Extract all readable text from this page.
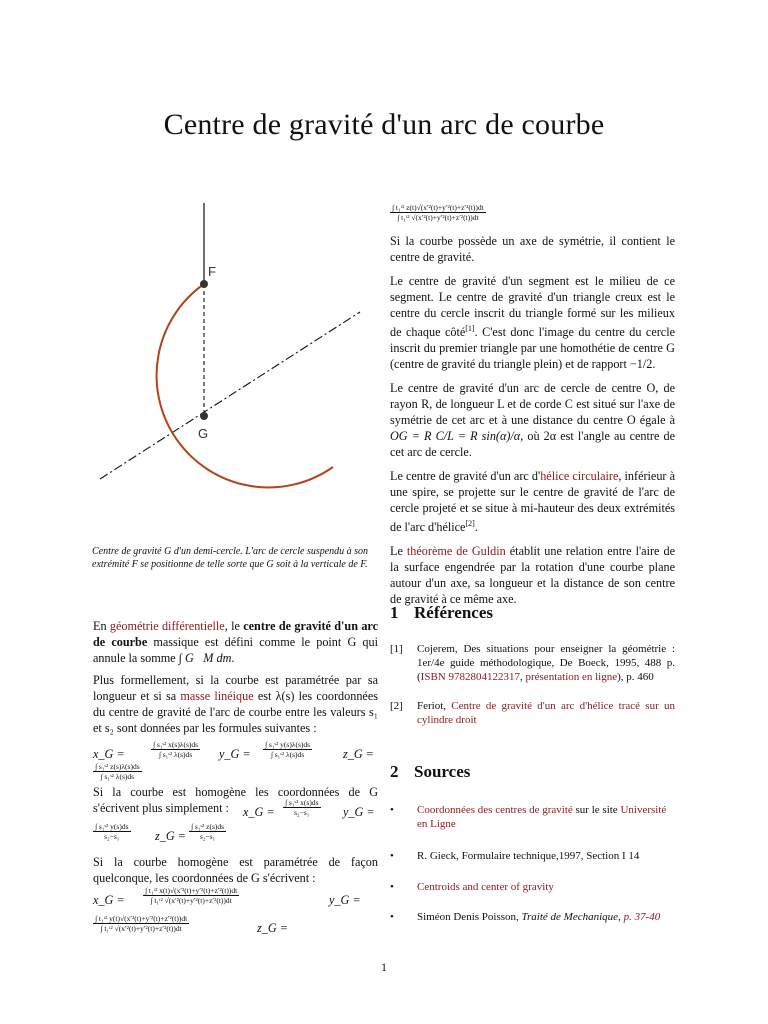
Centre de gravité d'un arc de courbe
F
G
Centre de gravité G d'un demi-cercle. L'arc de cercle suspendu à son extrémité F se positionne de telle sorte que G soit à la verticale de F.

En géométrie différentielle, le centre de gravité d'un arc de courbe massique est défini comme le point G qui annule la somme ∫ G⃗M dm.

Plus formellement, si la courbe est paramétrée par sa longueur et si sa masse linéique est λ(s) les coordonnées du centre de gravité de l'arc de courbe entre les valeurs s₁ et s₂ sont données par les formules suivantes :

x_G =	$\frac{\text{∫ s₁ˢ² x(s)λ(s)ds}}{\text{∫ s₁ˢ² λ(s)ds}}$ y_G = $\frac{\text{∫ s₁ˢ² y(s)λ(s)ds}}{\text{∫ s₁ˢ² λ(s)ds}}$	z_G =
$\frac{\text{∫ s₁ˢ² z(s)λ(s)ds}}{\text{∫ s₁ˢ² λ(s)ds}}$

Si la courbe est homogène les coordonnées de G s'écrivent plus simplement :	x_G = $\frac{\text{∫ s₁ˢ² x(s)ds}}{\text{s₂−s₁}}$ y_G =
$\frac{\text{∫ s₁ˢ² y(s)ds}}{\text{s₂−s₁}}$ z_G = $\frac{\text{∫ s₁ˢ² z(s)ds}}{\text{s₂−s₁}}$

Si la courbe homogène est paramétrée de façon quelconque, les coordonnées de G s'écrivent :

x_G = $\frac{\text{∫ t₁ᵗ² x(t)√(x′²(t)+y′²(t)+z′²(t))dt}}{\text{∫ t₁ᵗ² √(x′²(t)+y′²(t)+z′²(t))dt}}$	y_G =
$\frac{\text{∫ t₁ᵗ² y(t)√(x′²(t)+y′²(t)+z′²(t))dt}}{\text{∫ t₁ᵗ² √(x′²(t)+y′²(t)+z′²(t))dt}}$	z_G =
$\frac{\text{∫ t₁ᵗ² z(t)√(x′²(t)+y′²(t)+z′²(t))dt}}{\text{∫ t₁ᵗ² √(x′²(t)+y′²(t)+z′²(t))dt}}$

Si la courbe possède un axe de symétrie, il contient le centre de gravité.

Le centre de gravité d'un segment est le milieu de ce segment. Le centre de gravité d'un triangle creux est le centre du cercle inscrit du triangle formé sur les milieux de chaque côté[1]. C'est donc l'image du centre du cercle inscrit du premier triangle par une homothétie de centre G (centre de gravité du triangle plein) et de rapport −1/2.

Le centre de gravité d'un arc de cercle de centre O, de rayon R, de longueur L et de corde C est situé sur l'axe de symétrie de cet arc et à une distance du centre O égale à OG = R C/L = R sin(α)/α, où 2α est l'angle au centre de cet arc de cercle.

Le centre de gravité d'un arc d'hélice circulaire, inférieur à une spire, se projette sur le centre de gravité de l'arc de cercle projeté et se situe à mi-hauteur des deux extrémités de l'arc d'hélice[2].

Le théorème de Guldin établit une relation entre l'aire de la surface engendrée par la rotation d'une courbe plane autour d'un axe, sa longueur et la distance de son centre de gravité à ce même axe.

1 Références
[1] Cojerem, Des situations pour enseigner la géométrie : 1er/4e guide méthodologique, De Boeck, 1995, 488 p. (ISBN 9782804122317, présentation en ligne), p. 460
[2] Feriot, Centre de gravité d'un arc d'hélice tracé sur un cylindre droit
2 Sources
• Coordonnées des centres de gravité sur le site Université en Ligne
• R. Gieck, Formulaire technique,1997, Section I 14
• Centroids and center of gravity
• Siméon Denis Poisson, Traité de Mechanique, p. 37-40
1
